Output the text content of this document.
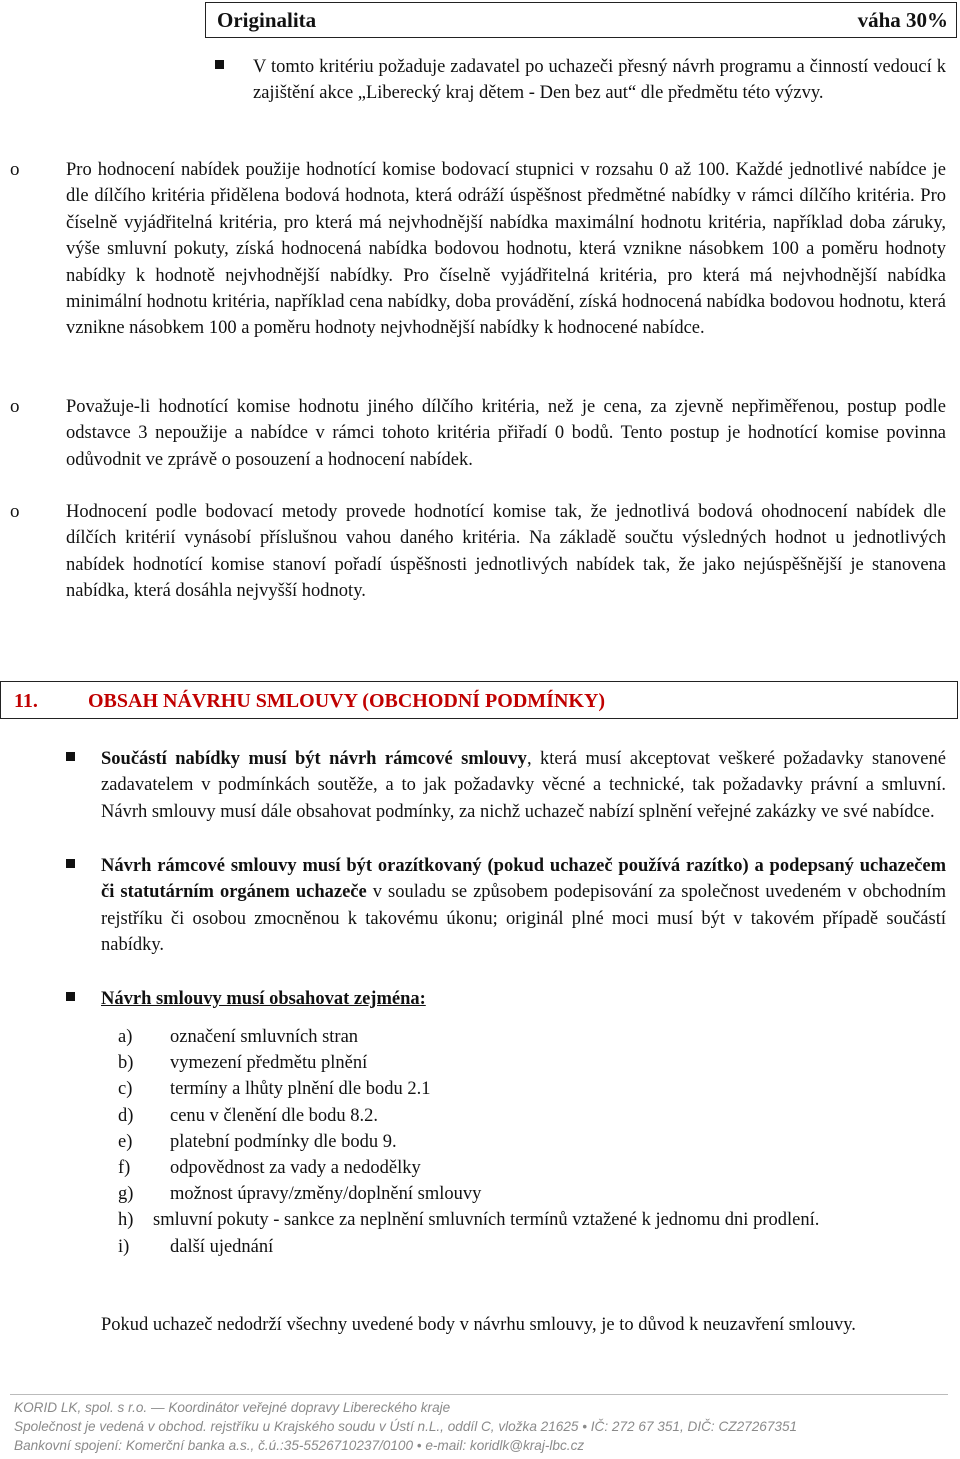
Originalita	váha 30%
V tomto kritériu požaduje zadavatel po uchazeči přesný návrh programu a činností vedoucí k zajištění akce „Liberecký kraj dětem - Den bez aut“ dle předmětu této výzvy.
o	Pro hodnocení nabídek použije hodnotící komise bodovací stupnici v rozsahu 0 až 100. Každé jednotlivé nabídce je dle dílčího kritéria přidělena bodová hodnota, která odráží úspěšnost předmětné nabídky v rámci dílčího kritéria. Pro číselně vyjádřitelná kritéria, pro která má nejvhodnější nabídka maximální hodnotu kritéria, například doba záruky, výše smluvní pokuty, získá hodnocená nabídka bodovou hodnotu, která vznikne násobkem 100 a poměru hodnoty nabídky k hodnotě nejvhodnější nabídky. Pro číselně vyjádřitelná kritéria, pro která má nejvhodnější nabídka minimální hodnotu kritéria, například cena nabídky, doba provádění, získá hodnocená nabídka bodovou hodnotu, která vznikne násobkem 100 a poměru hodnoty nejvhodnější nabídky k hodnocené nabídce.
o	Považuje-li hodnotící komise hodnotu jiného dílčího kritéria, než je cena, za zjevně nepřiměřenou, postup podle odstavce 3 nepoužije a nabídce v rámci tohoto kritéria přiřadí 0 bodů. Tento postup je hodnotící komise povinna odůvodnit ve zprávě o posouzení a hodnocení nabídek.
o	Hodnocení podle bodovací metody provede hodnotící komise tak, že jednotlivá bodová ohodnocení nabídek dle dílčích kritérií vynásobí příslušnou vahou daného kritéria. Na základě součtu výsledných hodnot u jednotlivých nabídek hodnotící komise stanoví pořadí úspěšnosti jednotlivých nabídek tak, že jako nejúspěšnější je stanovena nabídka, která dosáhla nejvyšší hodnoty.
11.	OBSAH NÁVRHU SMLOUVY (OBCHODNÍ PODMÍNKY)
Součástí nabídky musí být návrh rámcové smlouvy, která musí akceptovat veškeré požadavky stanovené zadavatelem v podmínkách soutěže, a to jak požadavky věcné a technické, tak požadavky právní a smluvní. Návrh smlouvy musí dále obsahovat podmínky, za nichž uchazeč nabízí splnění veřejné zakázky ve své nabídce.
Návrh rámcové smlouvy musí být orazítkovaný (pokud uchazeč používá razítko) a podepsaný uchazečem či statutárním orgánem uchazeče v souladu se způsobem podepisování za společnost uvedeném v obchodním rejstříku či osobou zmocněnou k takovému úkonu; originál plné moci musí být v takovém případě součástí nabídky.
Návrh smlouvy musí obsahovat zejména:
a) označení smluvních stran
b) vymezení předmětu plnění
c) termíny a lhůty plnění dle bodu 2.1
d) cenu v členění dle bodu 8.2.
e) platební podmínky dle bodu 9.
f) odpovědnost za vady a nedodělky
g) možnost úpravy/změny/doplnění smlouvy
h)	smluvní pokuty - sankce za neplnění smluvních termínů vztažené k jednomu dni prodlení.
i) další ujednání
Pokud uchazeč nedodrží všechny uvedené body v návrhu smlouvy, je to důvod k neuzavření smlouvy.
KORID LK, spol. s r.o. — Koordinátor veřejné dopravy Libereckého kraje
Společnost je vedená v obchod. rejstříku u Krajského soudu v Ústí n.L., oddíl C, vložka 21625 • IČ: 272 67 351, DIČ: CZ27267351
Bankovní spojení: Komerční banka a.s., č.ú.:35-5526710237/0100 • e-mail: koridlk@kraj-lbc.cz
